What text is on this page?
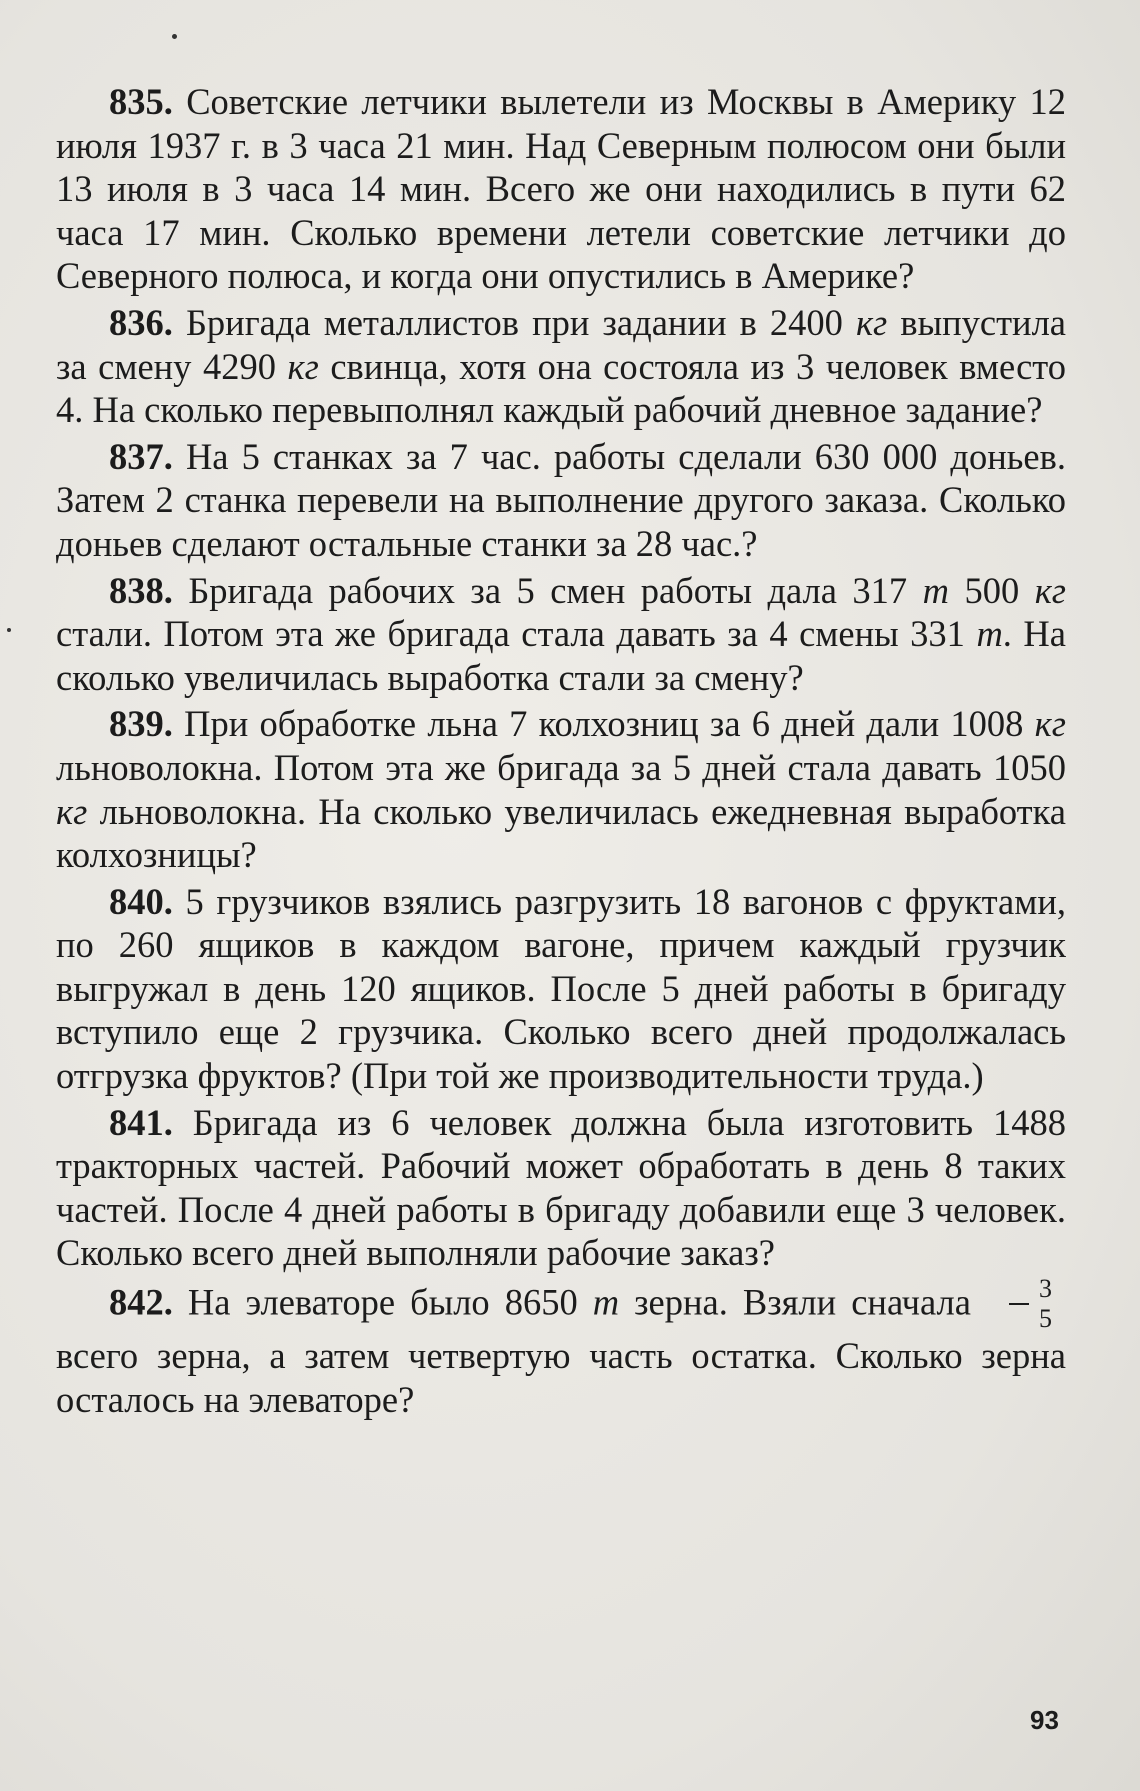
835. Советские летчики вылетели из Москвы в Америку 12 июля 1937 г. в 3 часа 21 мин. Над Северным полюсом они были 13 июля в 3 часа 14 мин. Всего же они находились в пути 62 часа 17 мин. Сколько времени летели советские летчики до Северного полюса, и когда они опустились в Америке?

836. Бригада металлистов при задании в 2400 кг выпустила за смену 4290 кг свинца, хотя она состояла из 3 человек вместо 4. На сколько перевыполнял каждый рабочий дневное задание?

837. На 5 станках за 7 час. работы сделали 630 000 доньев. Затем 2 станка перевели на выполнение другого заказа. Сколько доньев сделают остальные станки за 28 час.?

838. Бригада рабочих за 5 смен работы дала 317 т 500 кг стали. Потом эта же бригада стала давать за 4 смены 331 т. На сколько увеличилась выработка стали за смену?

839. При обработке льна 7 колхозниц за 6 дней дали 1008 кг льноволокна. Потом эта же бригада за 5 дней стала давать 1050 кг льноволокна. На сколько увеличилась ежедневная выработка колхозницы?

840. 5 грузчиков взялись разгрузить 18 вагонов с фруктами, по 260 ящиков в каждом вагоне, причем каждый грузчик выгружал в день 120 ящиков. После 5 дней работы в бригаду вступило еще 2 грузчика. Сколько всего дней продолжалась отгрузка фруктов? (При той же производительности труда.)

841. Бригада из 6 человек должна была изготовить 1488 тракторных частей. Рабочий может обработать в день 8 таких частей. После 4 дней работы в бригаду добавили еще 3 человек. Сколько всего дней выполняли рабочие заказ?

842. На элеваторе было 8650 т зерна. Взяли сначала $\frac{3}{5}$
всего зерна, а затем четвертую часть остатка. Сколько зерна осталось на элеваторе?

93
